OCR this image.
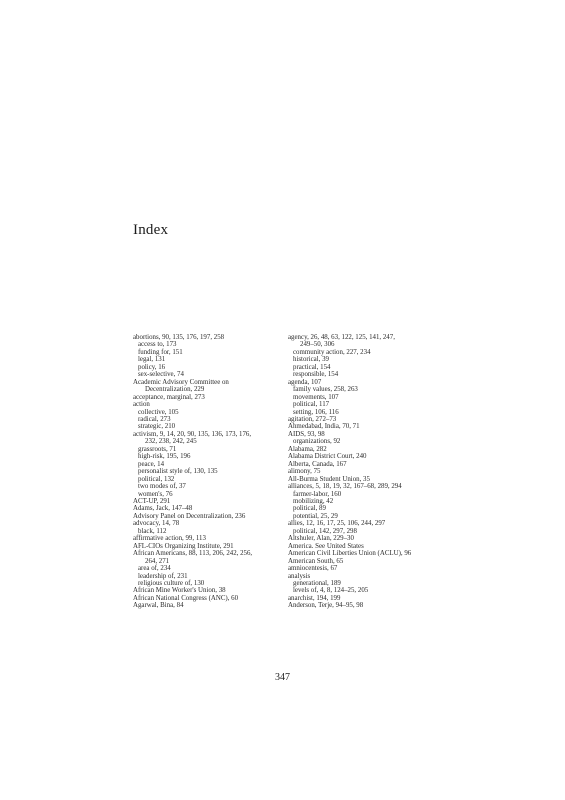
Index
abortions, 90, 135, 176, 197, 258
access to, 173
funding for, 151
legal, 131
policy, 16
sex-selective, 74
Academic Advisory Committee on
Decentralization, 229
acceptance, marginal, 273
action
collective, 105
radical, 273
strategic, 210
activism, 9, 14, 20, 90, 135, 136, 173, 176,
232, 238, 242, 245
grassroots, 71
high-risk, 195, 196
peace, 14
personalist style of, 130, 135
political, 132
two modes of, 37
women's, 76
ACT-UP, 291
Adams, Jack, 147–48
Advisory Panel on Decentralization, 236
advocacy, 14, 78
black, 112
affirmative action, 99, 113
AFL-CIOs Organizing Institute, 291
African Americans, 88, 113, 206, 242, 256,
264, 271
area of, 234
leadership of, 231
religious culture of, 130
African Mine Worker's Union, 38
African National Congress (ANC), 60
Agarwal, Bina, 84
agency, 26, 48, 63, 122, 125, 141, 247,
249–50, 306
community action, 227, 234
historical, 39
practical, 154
responsible, 154
agenda, 107
family values, 258, 263
movements, 107
political, 117
setting, 106, 116
agitation, 272–73
Ahmedabad, India, 70, 71
AIDS, 93, 98
organizations, 92
Alabama, 282
Alabama District Court, 240
Alberta, Canada, 167
alimony, 75
All-Burma Student Union, 35
alliances, 5, 18, 19, 32, 167–68, 289, 294
farmer-labor, 160
mobilizing, 42
political, 89
potential, 25, 29
allies, 12, 16, 17, 25, 106, 244, 297
political, 142, 297, 298
Altshuler, Alan, 229–30
America. See United States
American Civil Liberties Union (ACLU), 96
American South, 65
amniocentesis, 67
analysis
generational, 189
levels of, 4, 8, 124–25, 205
anarchist, 194, 199
Anderson, Terje, 94–95, 98
347
